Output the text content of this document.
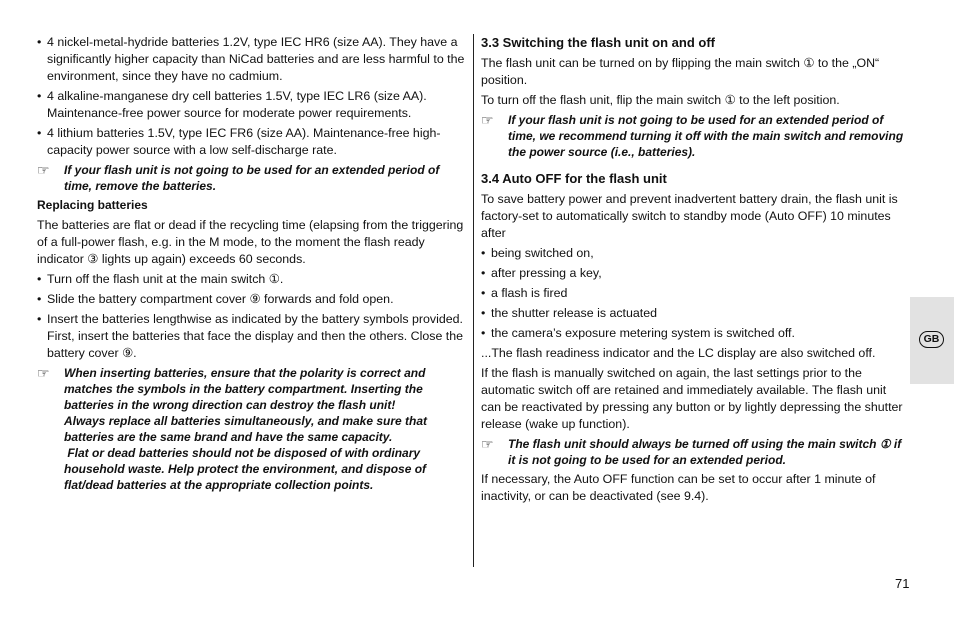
• 4 nickel-metal-hydride batteries 1.2V, type IEC HR6 (size AA). They have a significantly higher capacity than NiCad batteries and are less harmful to the environment, since they have no cadmium.
• 4 alkaline-manganese dry cell batteries 1.5V, type IEC LR6 (size AA). Maintenance-free power source for moderate power requirements.
• 4 lithium batteries 1.5V, type IEC FR6 (size AA). Maintenance-free high-capacity power source with a low self-discharge rate.
☞	If your flash unit is not going to be used for an extended period of time, remove the batteries.
Replacing batteries

The batteries are flat or dead if the recycling time (elapsing from the triggering of a full-power flash, e.g. in the M mode, to the moment the flash ready indicator ③ lights up again) exceeds 60 seconds.

• Turn off the flash unit at the main switch ①.
• Slide the battery compartment cover ⑨ forwards and fold open.
• Insert the batteries lengthwise as indicated by the battery symbols provided. First, insert the batteries that face the display and then the others. Close the battery cover ⑨.
☞	When inserting batteries, ensure that the polarity is correct and matches the symbols in the battery compartment. Inserting the batteries in the wrong direction can destroy the flash unit!
Always replace all batteries simultaneously, and make sure that batteries are the same brand and have the same capacity.
Flat or dead batteries should not be disposed of with ordinary household waste. Help protect the environment, and dispose of flat/dead batteries at the appropriate collection points.
3.3 Switching the flash unit on and off

The flash unit can be turned on by flipping the main switch ① to the „ON“ position.

To turn off the flash unit, flip the main switch ① to the left position.

☞	If your flash unit is not going to be used for an extended period of time, we recommend turning it off with the main switch and removing the power source (i.e., batteries).
3.4 Auto OFF for the flash unit

To save battery power and prevent inadvertent battery drain, the flash unit is factory-set to automatically switch to standby mode (Auto OFF) 10 minutes after

• being switched on,
• after pressing a key,
• a flash is fired
• the shutter release is actuated
• the camera’s exposure metering system is switched off.

...The flash readiness indicator and the LC display are also switched off.

If the flash is manually switched on again, the last settings prior to the automatic switch off are retained and immediately available. The flash unit can be reactivated by pressing any button or by lightly depressing the shutter release (wake up function).

☞	The flash unit should always be turned off using the main switch ① if it is not going to be used for an extended period.

If necessary, the Auto OFF function can be set to occur after 1 minute of inactivity, or can be deactivated (see 9.4).

GB
71
